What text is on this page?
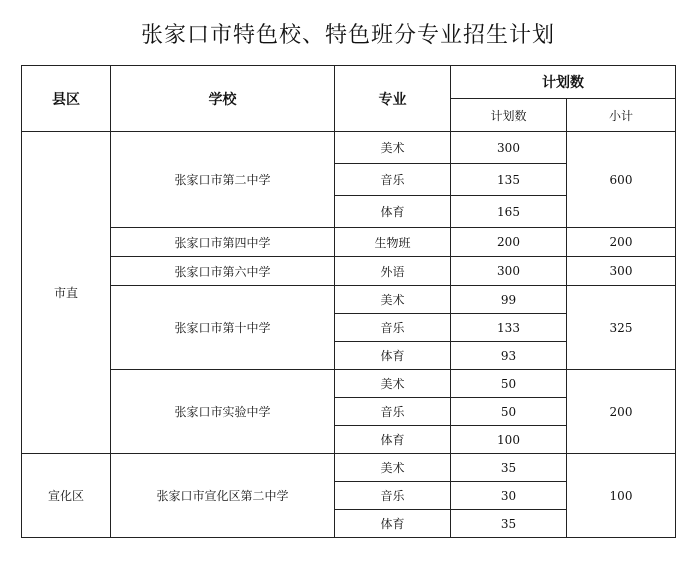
张家口市特色校、特色班分专业招生计划
县区	学校	专业	计划数	
			计划数	小计
市直	张家口市第二中学	美术	300	600
		音乐	135	
		体育	165	
	张家口市第四中学	生物班	200	200
	张家口市第六中学	外语	300	300
	张家口市第十中学	美术	99	325
		音乐	133	
		体育	93	
	张家口市实验中学	美术	50	200
		音乐	50	
		体育	100	
宣化区	张家口市宣化区第二中学	美术	35	100
		音乐	30	
		体育	35	
